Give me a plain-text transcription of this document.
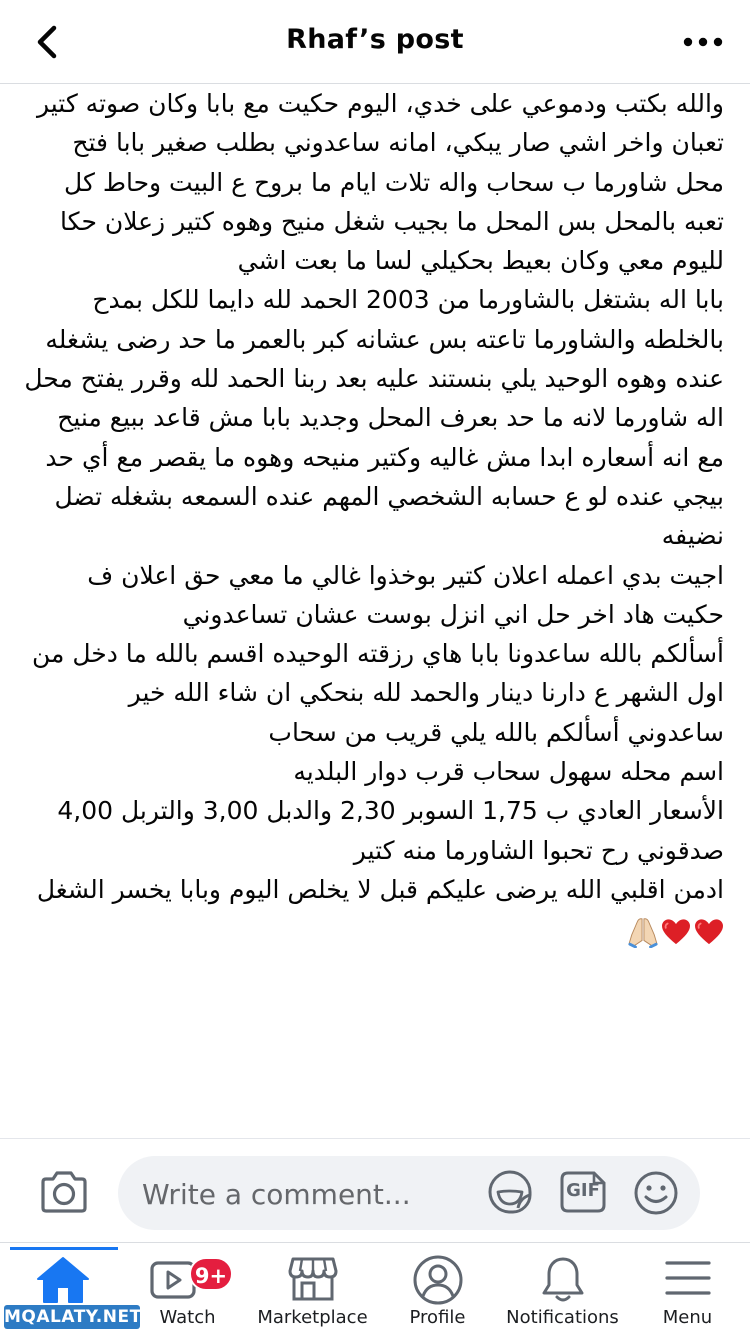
Rhaf’s post

والله بكتب ودموعي على خدي، اليوم حكيت مع بابا وكان صوته كتير تعبان واخر اشي صار يبكي، امانه ساعدوني بطلب صغير بابا فتح محل شاورما ب سحاب واله تلات ايام ما بروح ع البيت وحاط كل تعبه بالمحل بس المحل ما بجيب شغل منيح وهوه كتير زعلان حكا لليوم معي وكان بعيط بحكيلي لسا ما بعت اشي

بابا اله بشتغل بالشاورما من 2003 الحمد لله دايما للكل بمدح بالخلطه والشاورما تاعته بس عشانه كبر بالعمر ما حد رضى يشغله عنده وهوه الوحيد يلي بنستند عليه بعد ربنا الحمد لله وقرر يفتح محل اله شاورما لانه ما حد بعرف المحل وجديد بابا مش قاعد ببيع منيح

مع انه أسعاره ابدا مش غاليه وكتير منيحه وهوه ما يقصر مع أي حد بيجي عنده لو ع حسابه الشخصي المهم عنده السمعه بشغله تضل نضيفه

اجيت بدي اعمله اعلان كتير بوخذوا غالي ما معي حق اعلان ف حكيت هاد اخر حل اني انزل بوست عشان تساعدوني

أسألكم بالله ساعدونا بابا هاي رزقته الوحيده اقسم بالله ما دخل من اول الشهر ع دارنا دينار والحمد لله بنحكي ان شاء الله خير

ساعدوني أسألكم بالله يلي قريب من سحاب

اسم محله سهول سحاب قرب دوار البلديه

الأسعار العادي ب 1,75 السوبر 2,30 والدبل 3,00 والتربل 4,00

صدقوني رح تحبوا الشاورما منه كتير

ادمن اقلبي الله يرضى عليكم قبل لا يخلص اليوم وبابا يخسر الشغل

Write a comment...
GIF
9+
Watch	Marketplace	Profile	Notifications	Menu
MQALATY.NET
